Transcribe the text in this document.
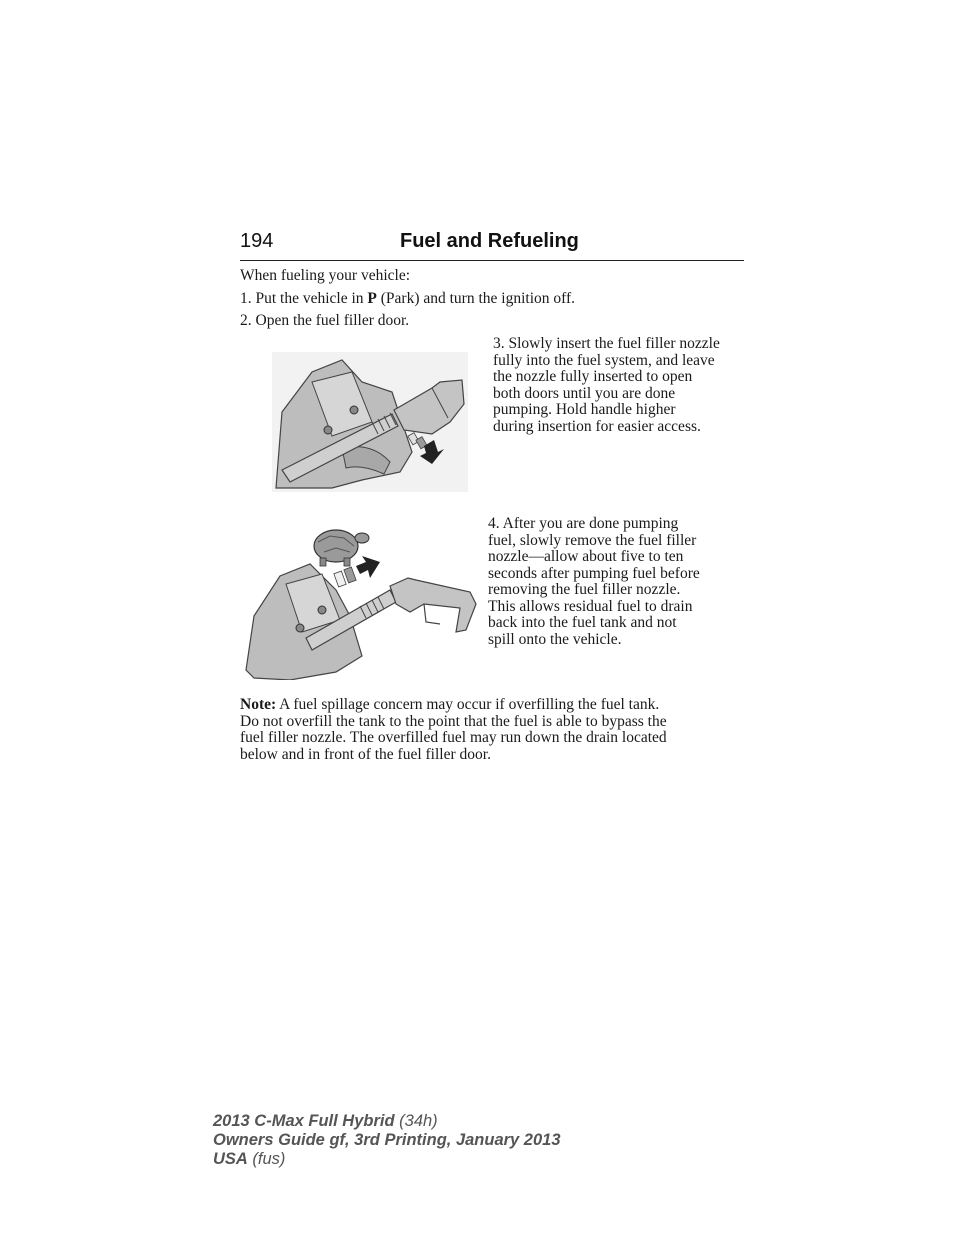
194	Fuel and Refueling
When fueling your vehicle:
1. Put the vehicle in P (Park) and turn the ignition off.
2. Open the fuel filler door.

3. Slowly insert the fuel filler nozzle

fully into the fuel system, and leave

the nozzle fully inserted to open

both doors until you are done

pumping. Hold handle higher

during insertion for easier access.

4. After you are done pumping

fuel, slowly remove the fuel filler

nozzle—allow about five to ten

seconds after pumping fuel before

removing the fuel filler nozzle.

This allows residual fuel to drain

back into the fuel tank and not

spill onto the vehicle.

Note: A fuel spillage concern may occur if overfilling the fuel tank.

Do not overfill the tank to the point that the fuel is able to bypass the

fuel filler nozzle. The overfilled fuel may run down the drain located

below and in front of the fuel filler door.

2013 C-Max Full Hybrid (34h)
Owners Guide gf, 3rd Printing, January 2013
USA (fus)
